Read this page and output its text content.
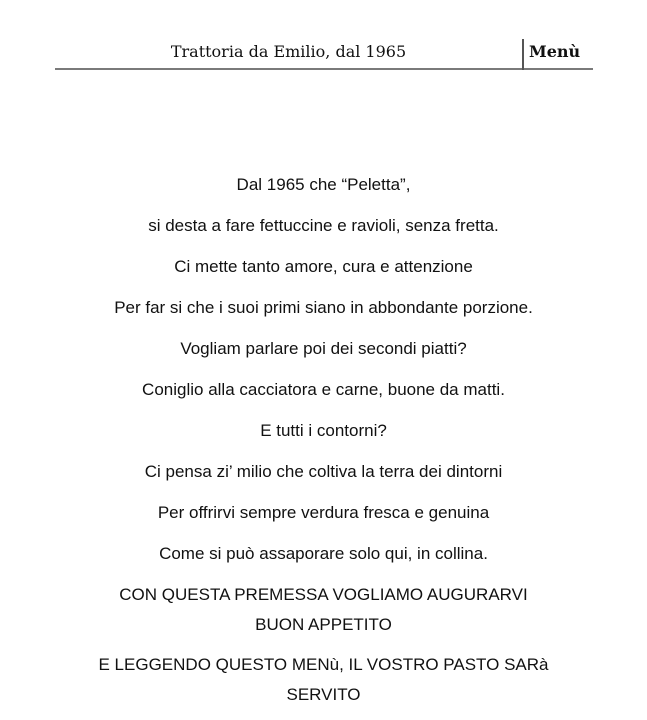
Trattoria da Emilio, dal 1965	Menù
Dal 1965 che “Peletta”,
si desta a fare fettuccine e ravioli, senza fretta.
Ci mette tanto amore, cura e attenzione
Per far si che i suoi primi siano in abbondante porzione.
Vogliam parlare poi dei secondi piatti?
Coniglio alla cacciatora e carne, buone da matti.
E tutti i contorni?
Ci pensa zi’ milio che coltiva la terra dei dintorni
Per offrirvi sempre verdura fresca e genuina
Come si può assaporare solo qui, in collina.
CON QUESTA PREMESSA VOGLIAMO AUGURARVI
BUON APPETITO
E LEGGENDO QUESTO MENù, IL VOSTRO PASTO SARà
SERVITO
